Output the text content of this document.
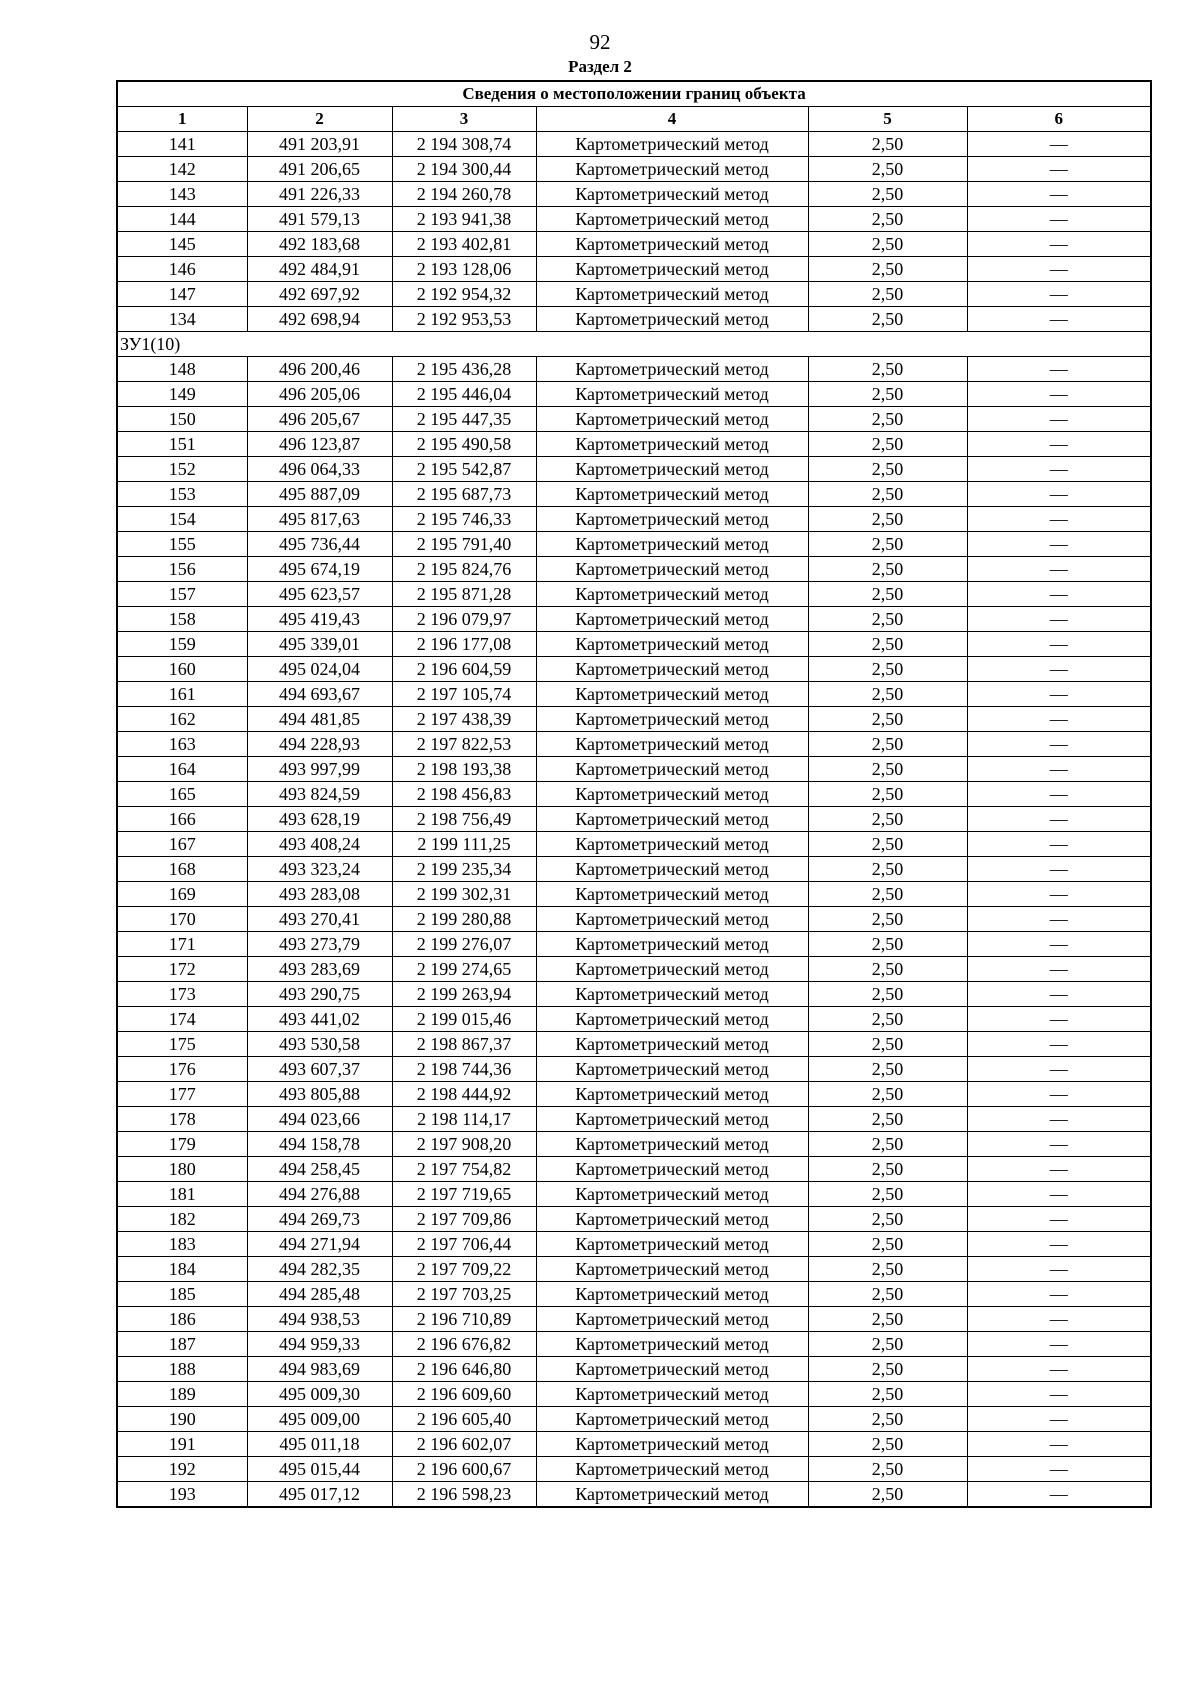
92
Раздел 2
Сведения о местоположении границ объекта					
1	2	3	4	5	6
141	491 203,91	2 194 308,74	Картометрический метод	2,50	—
142	491 206,65	2 194 300,44	Картометрический метод	2,50	—
143	491 226,33	2 194 260,78	Картометрический метод	2,50	—
144	491 579,13	2 193 941,38	Картометрический метод	2,50	—
145	492 183,68	2 193 402,81	Картометрический метод	2,50	—
146	492 484,91	2 193 128,06	Картометрический метод	2,50	—
147	492 697,92	2 192 954,32	Картометрический метод	2,50	—
134	492 698,94	2 192 953,53	Картометрический метод	2,50	—
ЗУ1(10)					
148	496 200,46	2 195 436,28	Картометрический метод	2,50	—
149	496 205,06	2 195 446,04	Картометрический метод	2,50	—
150	496 205,67	2 195 447,35	Картометрический метод	2,50	—
151	496 123,87	2 195 490,58	Картометрический метод	2,50	—
152	496 064,33	2 195 542,87	Картометрический метод	2,50	—
153	495 887,09	2 195 687,73	Картометрический метод	2,50	—
154	495 817,63	2 195 746,33	Картометрический метод	2,50	—
155	495 736,44	2 195 791,40	Картометрический метод	2,50	—
156	495 674,19	2 195 824,76	Картометрический метод	2,50	—
157	495 623,57	2 195 871,28	Картометрический метод	2,50	—
158	495 419,43	2 196 079,97	Картометрический метод	2,50	—
159	495 339,01	2 196 177,08	Картометрический метод	2,50	—
160	495 024,04	2 196 604,59	Картометрический метод	2,50	—
161	494 693,67	2 197 105,74	Картометрический метод	2,50	—
162	494 481,85	2 197 438,39	Картометрический метод	2,50	—
163	494 228,93	2 197 822,53	Картометрический метод	2,50	—
164	493 997,99	2 198 193,38	Картометрический метод	2,50	—
165	493 824,59	2 198 456,83	Картометрический метод	2,50	—
166	493 628,19	2 198 756,49	Картометрический метод	2,50	—
167	493 408,24	2 199 111,25	Картометрический метод	2,50	—
168	493 323,24	2 199 235,34	Картометрический метод	2,50	—
169	493 283,08	2 199 302,31	Картометрический метод	2,50	—
170	493 270,41	2 199 280,88	Картометрический метод	2,50	—
171	493 273,79	2 199 276,07	Картометрический метод	2,50	—
172	493 283,69	2 199 274,65	Картометрический метод	2,50	—
173	493 290,75	2 199 263,94	Картометрический метод	2,50	—
174	493 441,02	2 199 015,46	Картометрический метод	2,50	—
175	493 530,58	2 198 867,37	Картометрический метод	2,50	—
176	493 607,37	2 198 744,36	Картометрический метод	2,50	—
177	493 805,88	2 198 444,92	Картометрический метод	2,50	—
178	494 023,66	2 198 114,17	Картометрический метод	2,50	—
179	494 158,78	2 197 908,20	Картометрический метод	2,50	—
180	494 258,45	2 197 754,82	Картометрический метод	2,50	—
181	494 276,88	2 197 719,65	Картометрический метод	2,50	—
182	494 269,73	2 197 709,86	Картометрический метод	2,50	—
183	494 271,94	2 197 706,44	Картометрический метод	2,50	—
184	494 282,35	2 197 709,22	Картометрический метод	2,50	—
185	494 285,48	2 197 703,25	Картометрический метод	2,50	—
186	494 938,53	2 196 710,89	Картометрический метод	2,50	—
187	494 959,33	2 196 676,82	Картометрический метод	2,50	—
188	494 983,69	2 196 646,80	Картометрический метод	2,50	—
189	495 009,30	2 196 609,60	Картометрический метод	2,50	—
190	495 009,00	2 196 605,40	Картометрический метод	2,50	—
191	495 011,18	2 196 602,07	Картометрический метод	2,50	—
192	495 015,44	2 196 600,67	Картометрический метод	2,50	—
193	495 017,12	2 196 598,23	Картометрический метод	2,50	—
